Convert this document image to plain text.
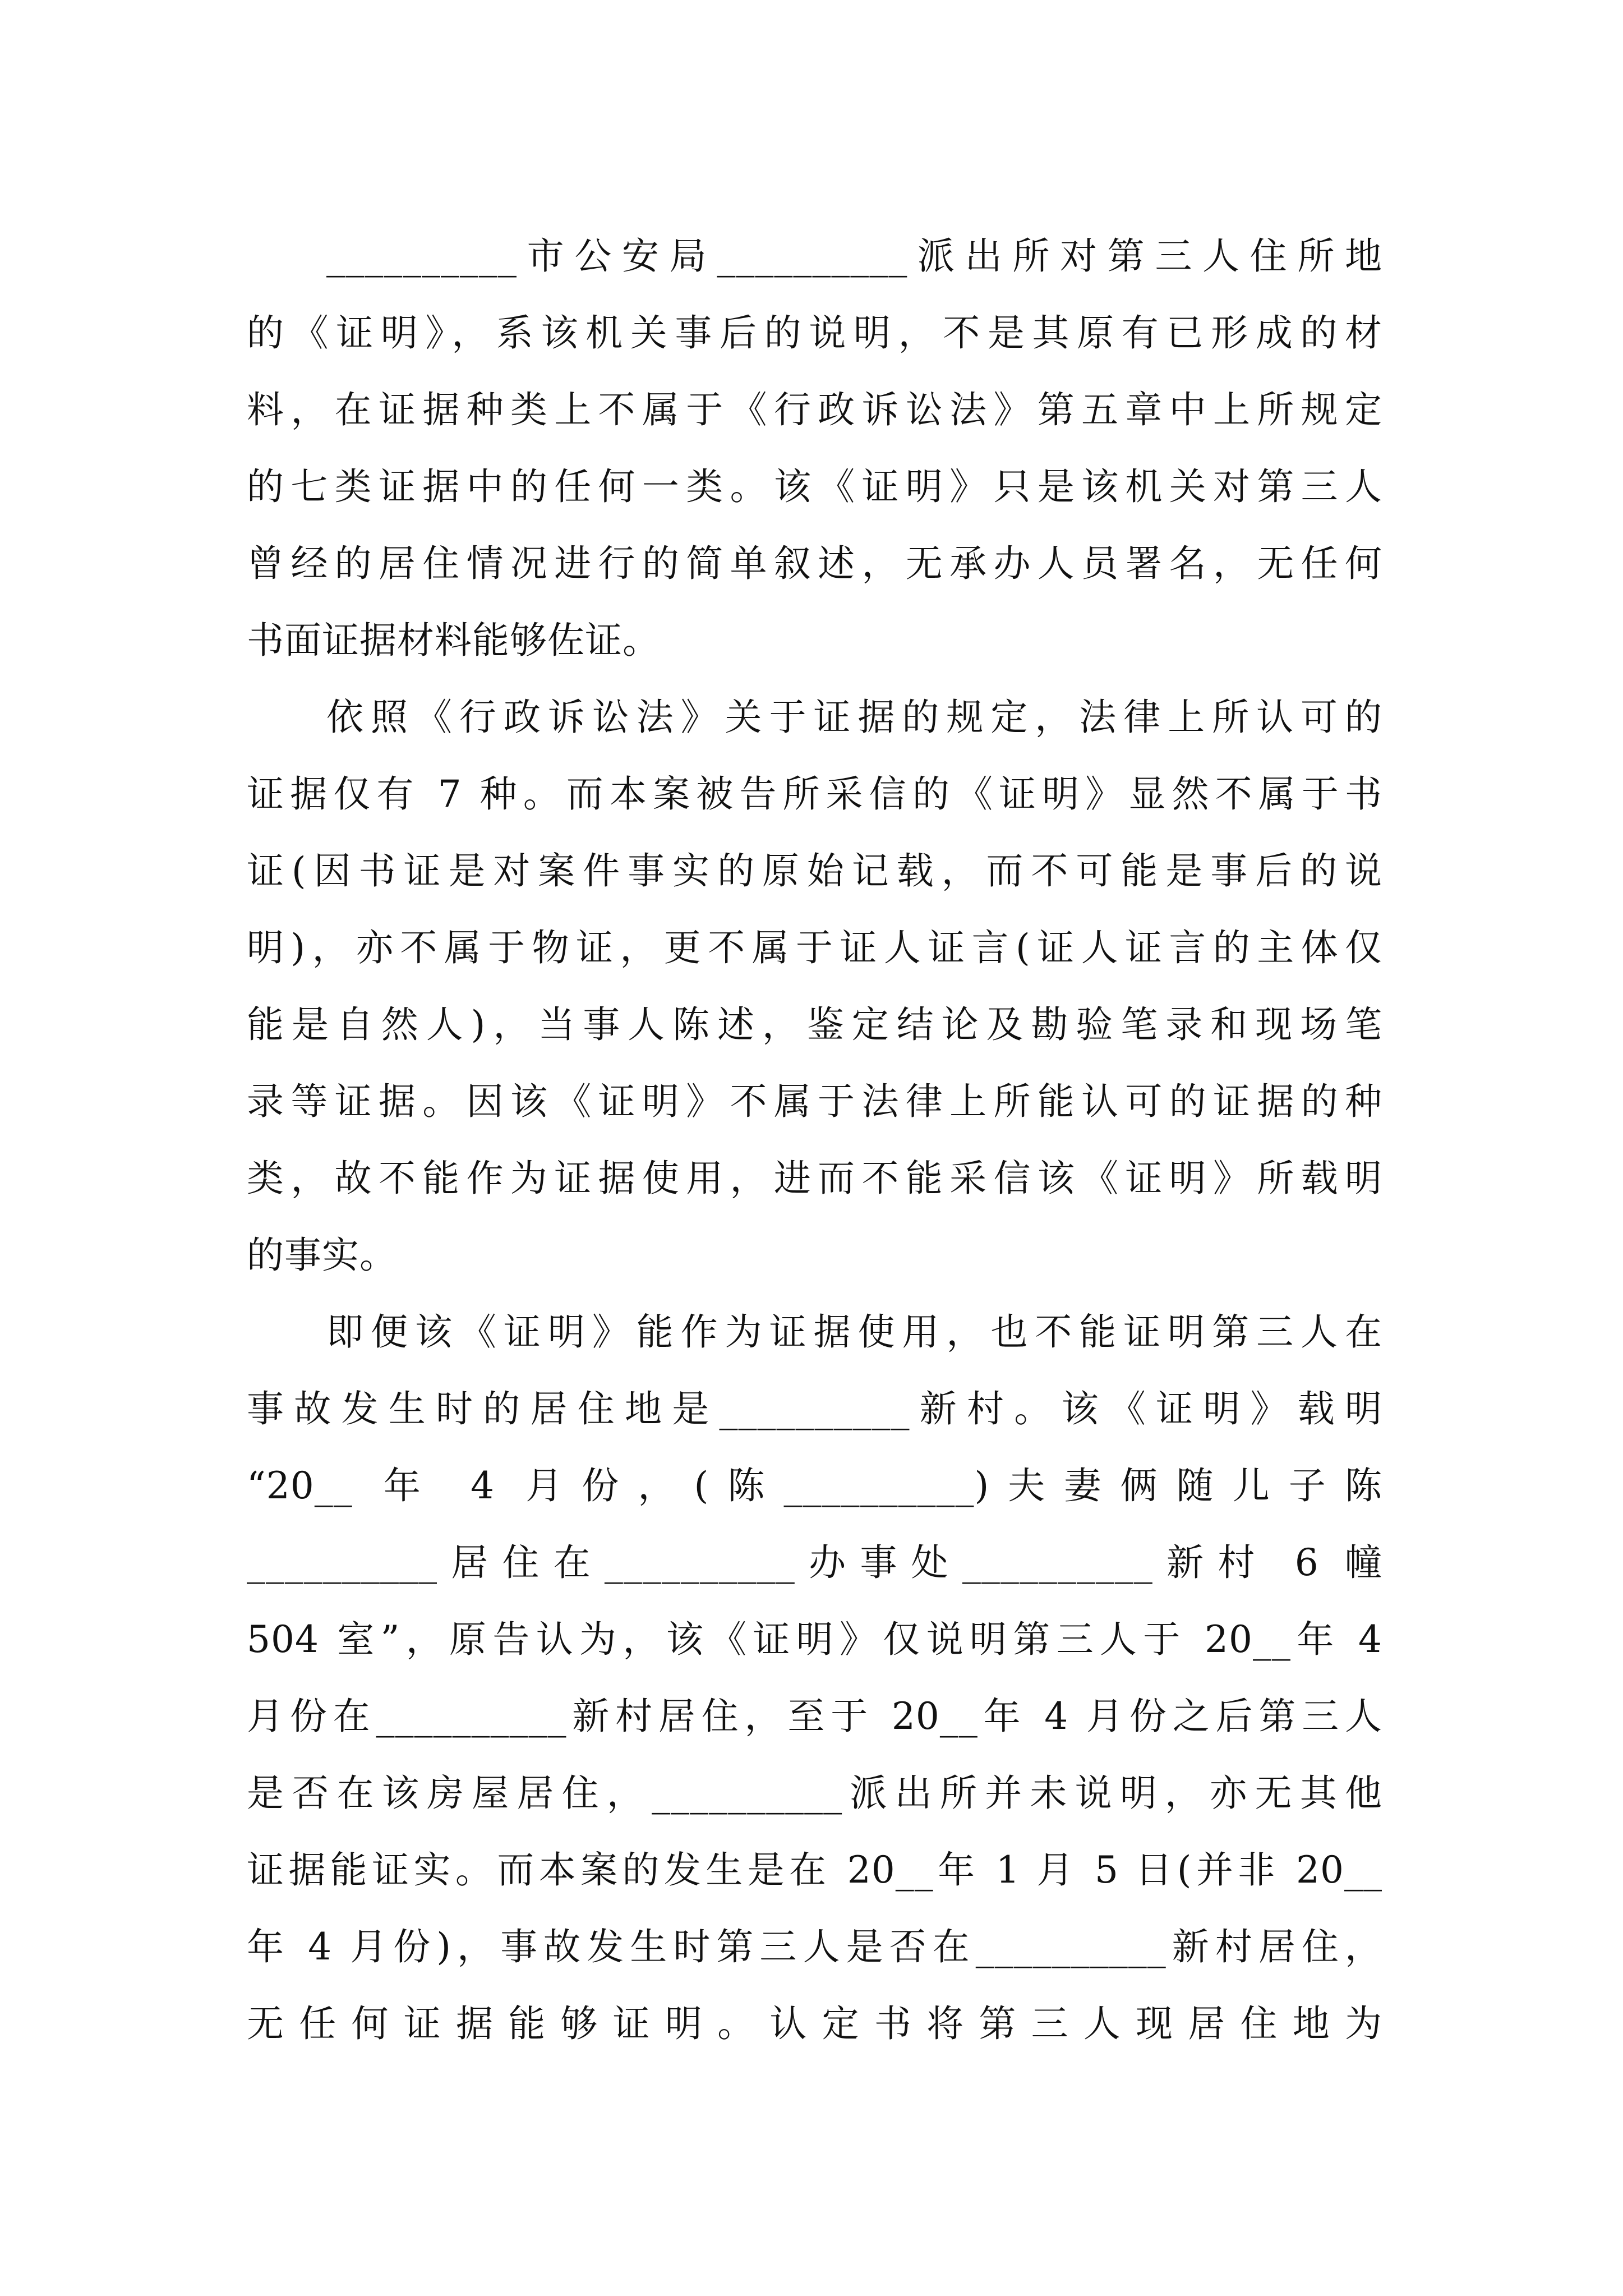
__________市公安局__________派出所对第三人住所地

的《证明》，系该机关事后的说明，不是其原有已形成的材

料，在证据种类上不属于《行政诉讼法》第五章中上所规定

的七类证据中的任何一类。该《证明》只是该机关对第三人

曾经的居住情况进行的简单叙述，无承办人员署名，无任何

书面证据材料能够佐证。

依照《行政诉讼法》关于证据的规定，法律上所认可的

证据仅有 7 种。而本案被告所采信的《证明》显然不属于书

证(因书证是对案件事实的原始记载，而不可能是事后的说

明)，亦不属于物证，更不属于证人证言(证人证言的主体仅

能是自然人)，当事人陈述，鉴定结论及勘验笔录和现场笔

录等证据。因该《证明》不属于法律上所能认可的证据的种

类，故不能作为证据使用，进而不能采信该《证明》所载明

的事实。

即便该《证明》能作为证据使用，也不能证明第三人在

事故发生时的居住地是__________新村。该《证明》载明

“20__ 年 4 月份，(陈__________)夫妻俩随儿子陈

__________居住在__________办事处__________新村 6 幢

504 室”，原告认为，该《证明》仅说明第三人于 20__年 4

月份在__________新村居住，至于 20__年 4 月份之后第三人

是否在该房屋居住，__________派出所并未说明，亦无其他

证据能证实。而本案的发生是在 20__年 1 月 5 日(并非 20__

年 4 月份)，事故发生时第三人是否在__________新村居住，

无任何证据能够证明。认定书将第三人现居住地为
